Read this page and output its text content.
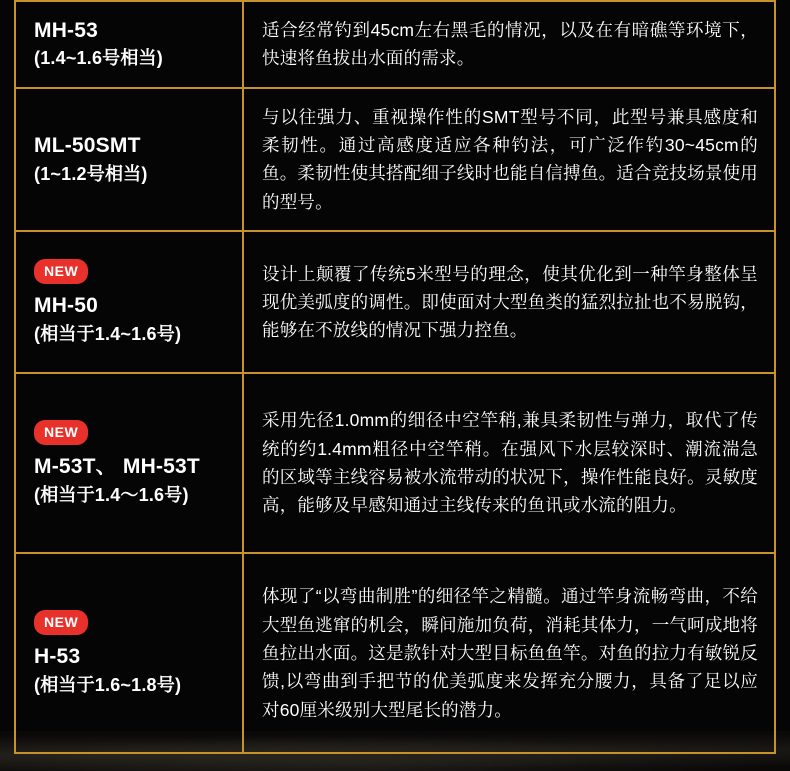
MH-53
(1.4~1.6号相当)
适合经常钓到45cm左右黑毛的情况，以及在有暗礁等环境下，快速将鱼拔出水面的需求。
ML-50SMT
(1~1.2号相当)
与以往强力、重视操作性的SMT型号不同，此型号兼具感度和柔韧性。通过高感度适应各种钓法，可广泛作钓30~45cm的鱼。柔韧性使其搭配细子线时也能自信搏鱼。适合竞技场景使用的型号。
NEW
MH-50
(相当于1.4~1.6号)
设计上颠覆了传统5米型号的理念，使其优化到一种竿身整体呈现优美弧度的调性。即使面对大型鱼类的猛烈拉扯也不易脱钩，能够在不放线的情况下强力控鱼。
NEW
M-53T、 MH-53T
(相当于1.4～1.6号)
采用先径1.0mm的细径中空竿稍,兼具柔韧性与弹力，取代了传统的约1.4mm粗径中空竿稍。在强风下水层较深时、潮流湍急的区域等主线容易被水流带动的状况下，操作性能良好。灵敏度高，能够及早感知通过主线传来的鱼讯或水流的阻力。
NEW
H-53
(相当于1.6~1.8号)
体现了“以弯曲制胜”的细径竿之精髓。通过竿身流畅弯曲，不给大型鱼逃窜的机会，瞬间施加负荷，消耗其体力，一气呵成地将鱼拉出水面。这是款针对大型目标鱼鱼竿。对鱼的拉力有敏锐反馈,以弯曲到手把节的优美弧度来发挥充分腰力，具备了足以应对60厘米级别大型尾长的潜力。
